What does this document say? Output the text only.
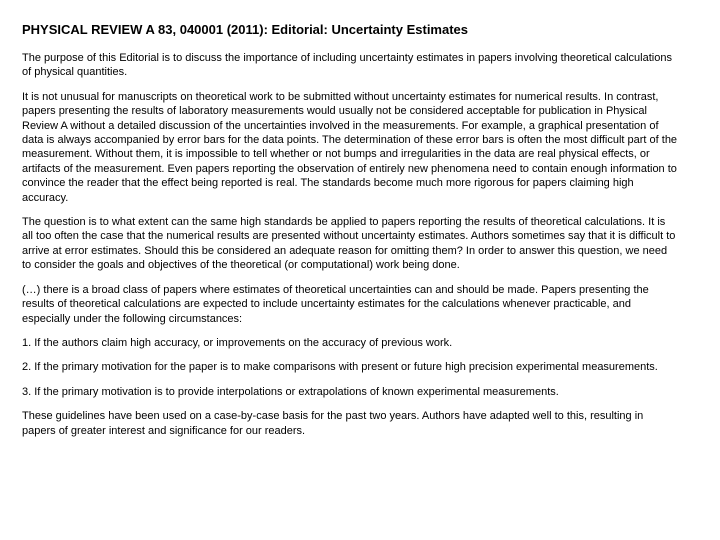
PHYSICAL REVIEW A 83, 040001 (2011): Editorial: Uncertainty Estimates

The purpose of this Editorial is to discuss the importance of including uncertainty estimates in papers involving theoretical calculations of physical quantities.

It is not unusual for manuscripts on theoretical work to be submitted without uncertainty estimates for numerical results. In contrast, papers presenting the results of laboratory measurements would usually not be considered acceptable for publication in Physical Review A without a detailed discussion of the uncertainties involved in the measurements. For example, a graphical presentation of data is always accompanied by error bars for the data points. The determination of these error bars is often the most difficult part of the measurement. Without them, it is impossible to tell whether or not bumps and irregularities in the data are real physical effects, or artifacts of the measurement. Even papers reporting the observation of entirely new phenomena need to contain enough information to convince the reader that the effect being reported is real. The standards become much more rigorous for papers claiming high accuracy.

The question is to what extent can the same high standards be applied to papers reporting the results of theoretical calculations. It is all too often the case that the numerical results are presented without uncertainty estimates. Authors sometimes say that it is difficult to arrive at error estimates. Should this be considered an adequate reason for omitting them? In order to answer this question, we need to consider the goals and objectives of the theoretical (or computational) work being done.

(…) there is a broad class of papers where estimates of theoretical uncertainties can and should be made. Papers presenting the results of theoretical calculations are expected to include uncertainty estimates for the calculations whenever practicable, and especially under the following circumstances:

1. If the authors claim high accuracy, or improvements on the accuracy of previous work.

2. If the primary motivation for the paper is to make comparisons with present or future high precision experimental measurements.

3. If the primary motivation is to provide interpolations or extrapolations of known experimental measurements.

These guidelines have been used on a case-by-case basis for the past two years. Authors have adapted well to this, resulting in papers of greater interest and significance for our readers.
